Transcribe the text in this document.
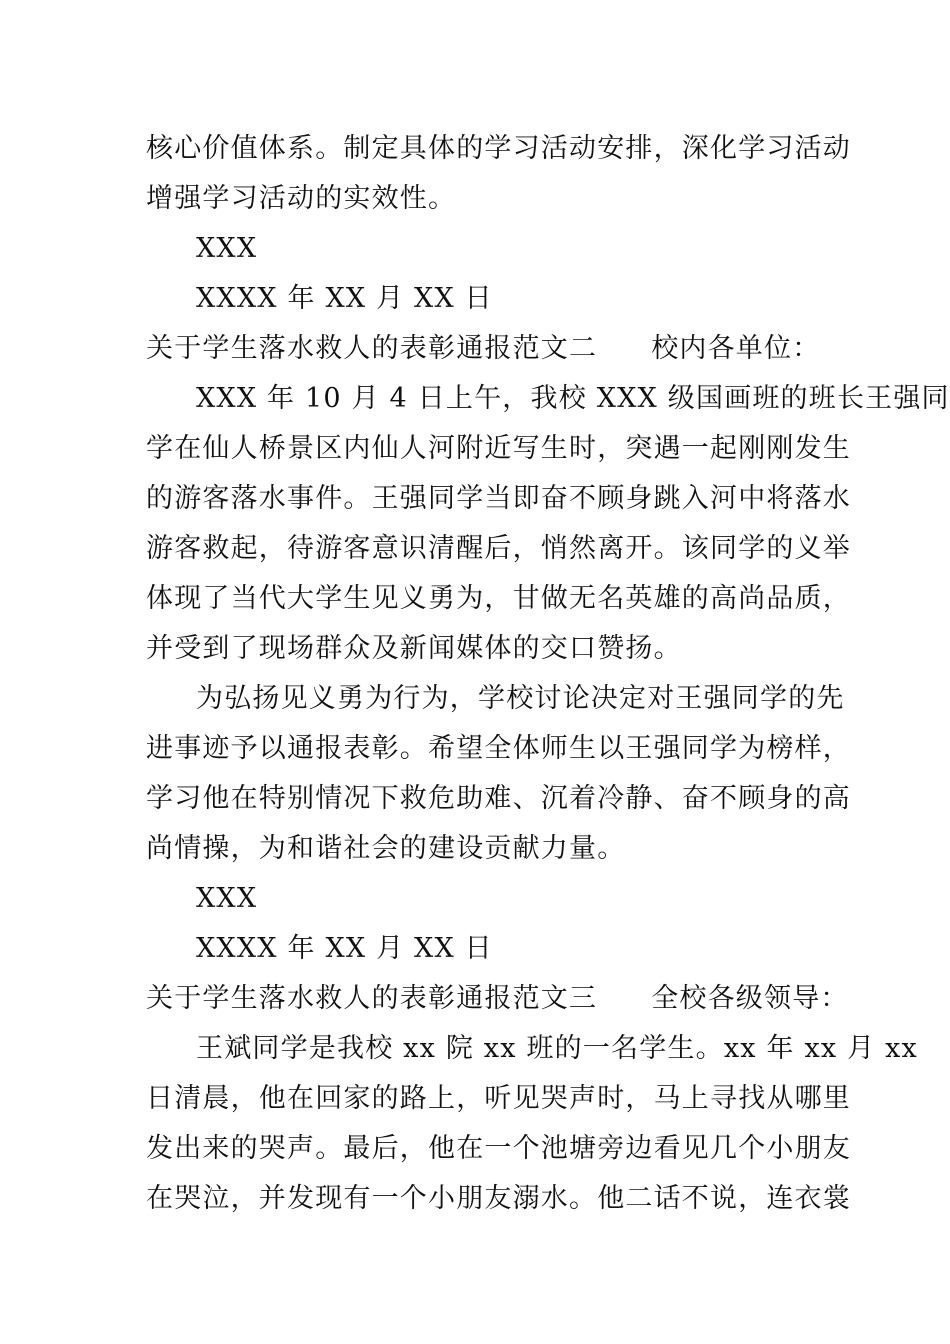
核心价值体系。制定具体的学习活动安排，深化学习活动
增强学习活动的实效性。
XXX
XXXX 年 XX 月 XX 日
关于学生落水救人的表彰通报范文二 校内各单位：
XXX 年 10 月 4 日上午，我校 XXX 级国画班的班长王强同
学在仙人桥景区内仙人河附近写生时，突遇一起刚刚发生
的游客落水事件。王强同学当即奋不顾身跳入河中将落水
游客救起，待游客意识清醒后，悄然离开。该同学的义举
体现了当代大学生见义勇为，甘做无名英雄的高尚品质，
并受到了现场群众及新闻媒体的交口赞扬。
为弘扬见义勇为行为，学校讨论决定对王强同学的先
进事迹予以通报表彰。希望全体师生以王强同学为榜样，
学习他在特别情况下救危助难、沉着冷静、奋不顾身的高
尚情操，为和谐社会的建设贡献力量。
XXX
XXXX 年 XX 月 XX 日
关于学生落水救人的表彰通报范文三 全校各级领导：
王斌同学是我校 xx 院 xx 班的一名学生。xx 年 xx 月 xx
日清晨，他在回家的路上，听见哭声时，马上寻找从哪里
发出来的哭声。最后，他在一个池塘旁边看见几个小朋友
在哭泣，并发现有一个小朋友溺水。他二话不说，连衣裳
